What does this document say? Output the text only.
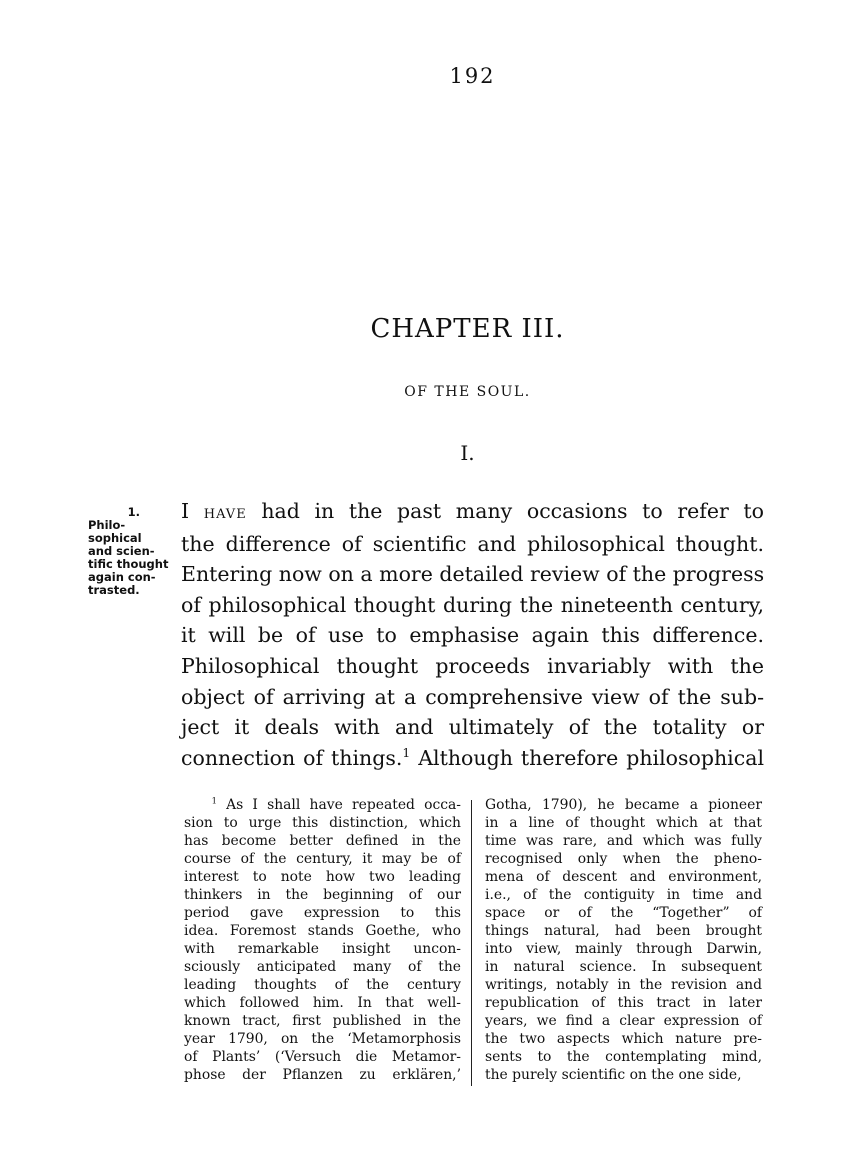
192
CHAPTER III.
OF THE SOUL.
I.
1.
Philo-
sophical
and scien-
tific thought
again con-
trasted.
I have had in the past many occasions to refer to
the difference of scientific and philosophical thought.
Entering now on a more detailed review of the progress
of philosophical thought during the nineteenth century,
it will be of use to emphasise again this difference.
Philosophical thought proceeds invariably with the
object of arriving at a comprehensive view of the sub-
ject it deals with and ultimately of the totality or
connection of things.$^1$ Although therefore philosophical
$^1$ As I shall have repeated occa-
sion to urge this distinction, which
has become better defined in the
course of the century, it may be of
interest to note how two leading
thinkers in the beginning of our
period gave expression to this
idea. Foremost stands Goethe, who
with remarkable insight uncon-
sciously anticipated many of the
leading thoughts of the century
which followed him. In that well-
known tract, first published in the
year 1790, on the ‘Metamorphosis
of Plants’ (‘Versuch die Metamor-
phose der Pflanzen zu erklären,’
Gotha, 1790), he became a pioneer
in a line of thought which at that
time was rare, and which was fully
recognised only when the pheno-
mena of descent and environment,
i.e., of the contiguity in time and
space or of the “Together” of
things natural, had been brought
into view, mainly through Darwin,
in natural science. In subsequent
writings, notably in the revision and
republication of this tract in later
years, we find a clear expression of
the two aspects which nature pre-
sents to the contemplating mind,
the purely scientific on the one side,
